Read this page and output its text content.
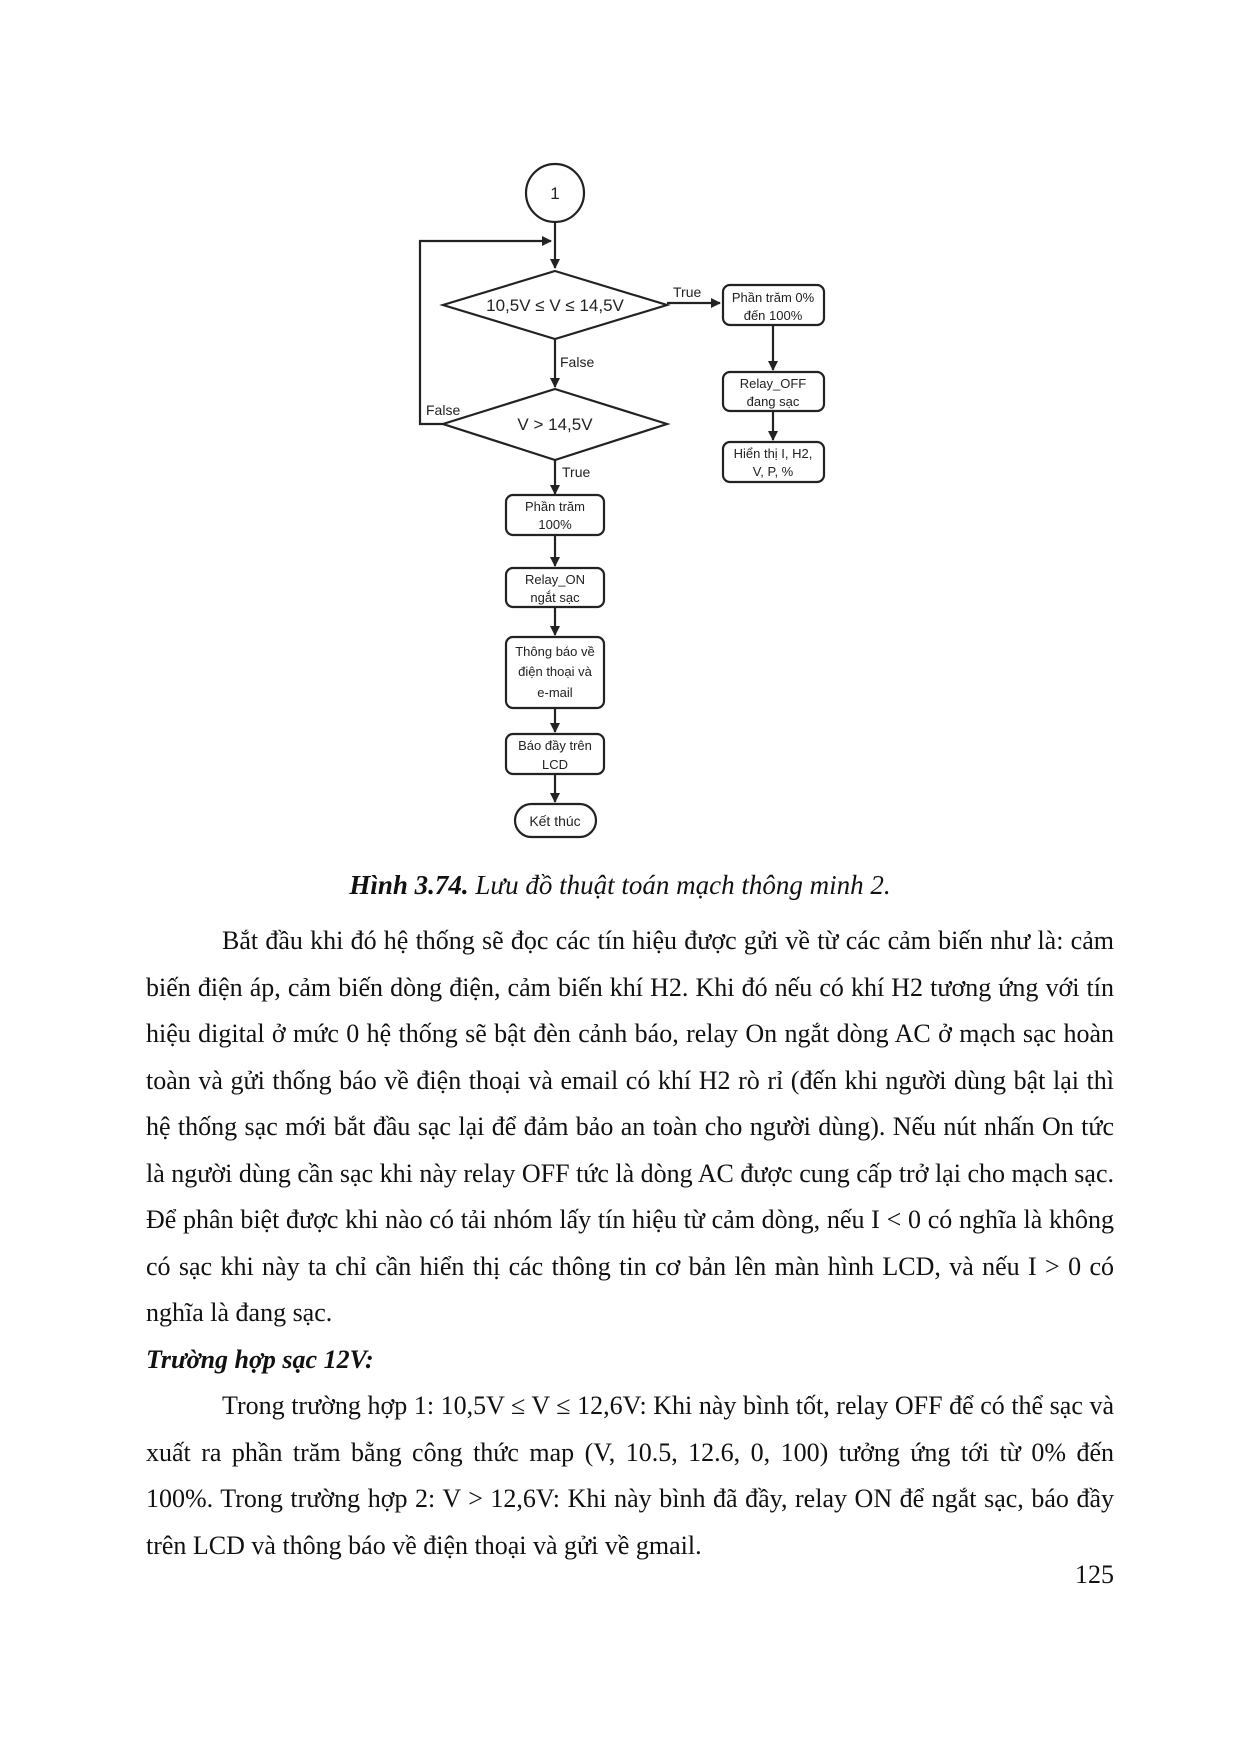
1
10,5V ≤ V ≤ 14,5V
True
False
V > 14,5V
False
True
Phần trăm 0%
đến 100%
Relay_OFF
đang sạc
Hiển thị I, H2,
V, P, %
Phần trăm
100%
Relay_ON
ngắt sạc
Thông báo về
điện thoại và
e-mail
Báo đầy trên
LCD
Kết thúc
Hình 3.74. Lưu đồ thuật toán mạch thông minh 2.

Bắt đầu khi đó hệ thống sẽ đọc các tín hiệu được gửi về từ các cảm biến như là: cảm biến điện áp, cảm biến dòng điện, cảm biến khí H2. Khi đó nếu có khí H2 tương ứng với tín hiệu digital ở mức 0 hệ thống sẽ bật đèn cảnh báo, relay On ngắt dòng AC ở mạch sạc hoàn toàn và gửi thống báo về điện thoại và email có khí H2 rò rỉ (đến khi người dùng bật lại thì hệ thống sạc mới bắt đầu sạc lại để đảm bảo an toàn cho người dùng). Nếu nút nhấn On tức là người dùng cần sạc khi này relay OFF tức là dòng AC được cung cấp trở lại cho mạch sạc. Để phân biệt được khi nào có tải nhóm lấy tín hiệu từ cảm dòng, nếu I < 0 có nghĩa là không có sạc khi này ta chỉ cần hiển thị các thông tin cơ bản lên màn hình LCD, và nếu I > 0 có nghĩa là đang sạc.

Trường hợp sạc 12V:

Trong trường hợp 1: 10,5V ≤ V ≤ 12,6V: Khi này bình tốt, relay OFF để có thể sạc và xuất ra phần trăm bằng công thức map (V, 10.5, 12.6, 0, 100) tưởng ứng tới từ 0% đến 100%. Trong trường hợp 2: V > 12,6V: Khi này bình đã đầy, relay ON để ngắt sạc, báo đầy trên LCD và thông báo về điện thoại và gửi về gmail.

125
